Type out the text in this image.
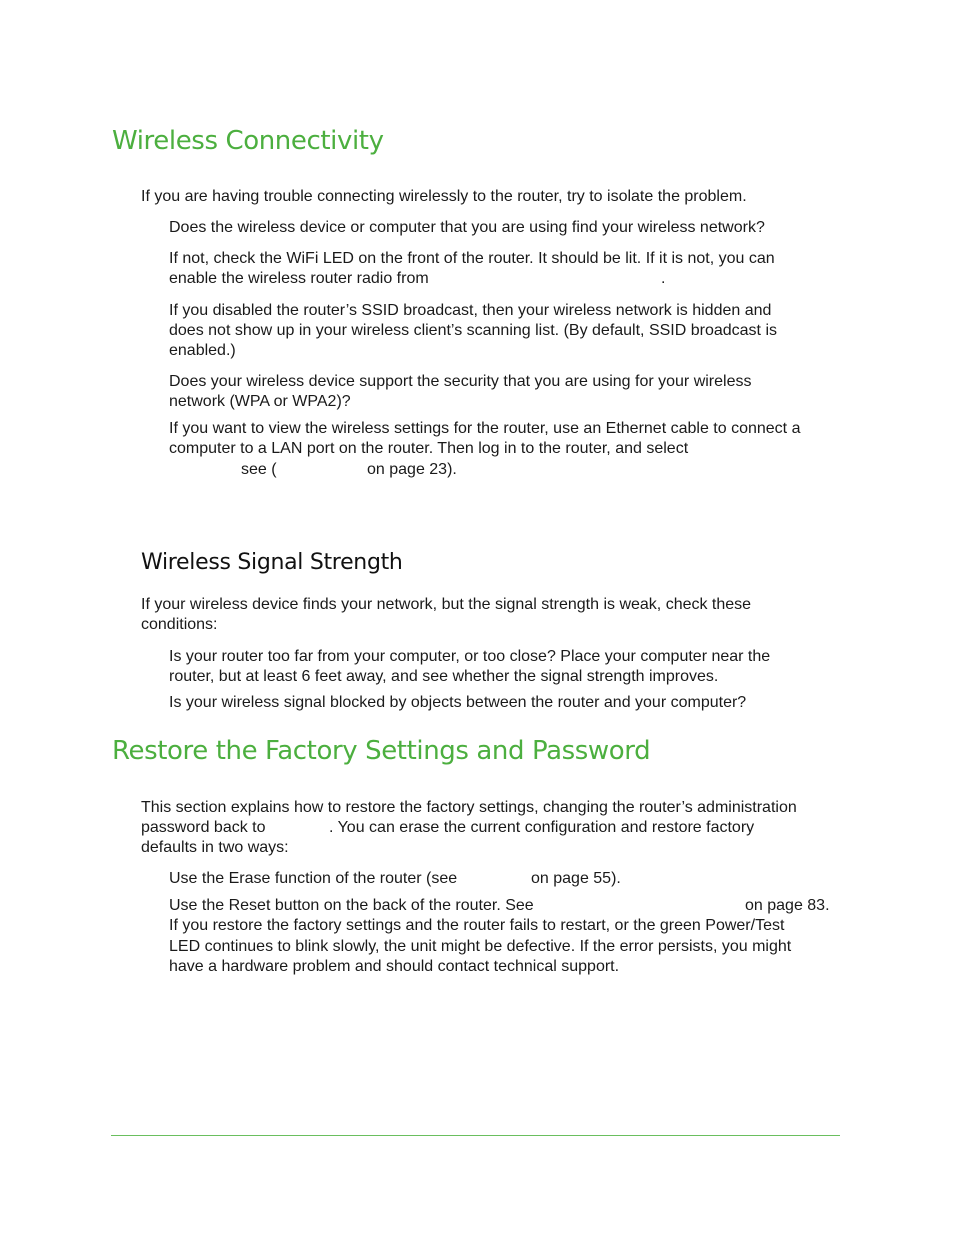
Wireless Connectivity
If you are having trouble connecting wirelessly to the router, try to isolate the problem.
Does the wireless device or computer that you are using find your wireless network?
If not, check the WiFi LED on the front of the router. It should be lit. If it is not, you can
enable the wireless router radio from	.
If you disabled the router’s SSID broadcast, then your wireless network is hidden and
does not show up in your wireless client’s scanning list. (By default, SSID broadcast is
enabled.)
Does your wireless device support the security that you are using for your wireless
network (WPA or WPA2)?
If you want to view the wireless settings for the router, use an Ethernet cable to connect a
computer to a LAN port on the router. Then log in to the router, and select
see (	on page 23).
Wireless Signal Strength
If your wireless device finds your network, but the signal strength is weak, check these
conditions:
Is your router too far from your computer, or too close? Place your computer near the
router, but at least 6 feet away, and see whether the signal strength improves.
Is your wireless signal blocked by objects between the router and your computer?
Restore the Factory Settings and Password
This section explains how to restore the factory settings, changing the router’s administration
password back to	. You can erase the current configuration and restore factory
defaults in two ways:
Use the Erase function of the router (see	on page 55).
Use the Reset button on the back of the router. See	on page 83.
If you restore the factory settings and the router fails to restart, or the green Power/Test
LED continues to blink slowly, the unit might be defective. If the error persists, you might
have a hardware problem and should contact technical support.
